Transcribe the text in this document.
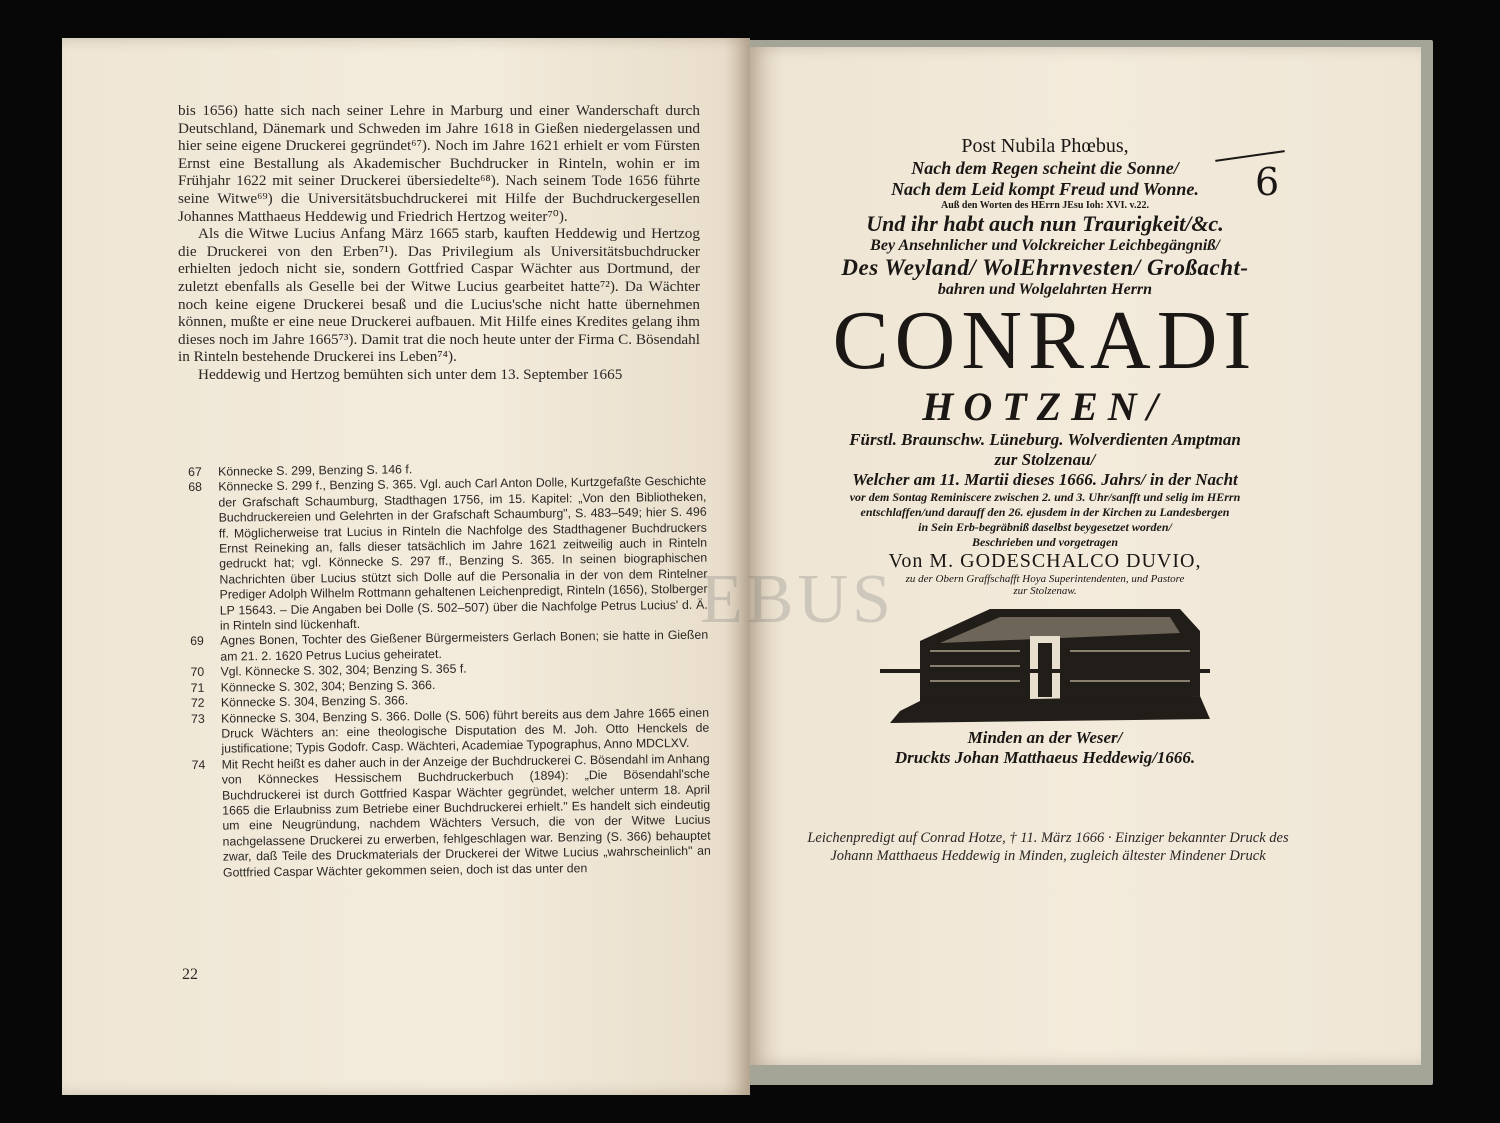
bis 1656) hatte sich nach seiner Lehre in Marburg und einer Wanderschaft durch Deutschland, Dänemark und Schweden im Jahre 1618 in Gießen niedergelassen und hier seine eigene Druckerei gegründet⁶⁷). Noch im Jahre 1621 erhielt er vom Fürsten Ernst eine Bestallung als Akademischer Buchdrucker in Rinteln, wohin er im Frühjahr 1622 mit seiner Druckerei übersiedelte⁶⁸). Nach seinem Tode 1656 führte seine Witwe⁶⁹) die Universitätsbuchdruckerei mit Hilfe der Buchdruckergesellen Johannes Matthaeus Heddewig und Friedrich Hertzog weiter⁷⁰).

Als die Witwe Lucius Anfang März 1665 starb, kauften Heddewig und Hertzog die Druckerei von den Erben⁷¹). Das Privilegium als Universitätsbuchdrucker erhielten jedoch nicht sie, sondern Gottfried Caspar Wächter aus Dortmund, der zuletzt ebenfalls als Geselle bei der Witwe Lucius gearbeitet hatte⁷²). Da Wächter noch keine eigene Druckerei besaß und die Lucius'sche nicht hatte übernehmen können, mußte er eine neue Druckerei aufbauen. Mit Hilfe eines Kredites gelang ihm dieses noch im Jahre 1665⁷³). Damit trat die noch heute unter der Firma C. Bösendahl in Rinteln bestehende Druckerei ins Leben⁷⁴).

Heddewig und Hertzog bemühten sich unter dem 13. September 1665

67 Könnecke S. 299, Benzing S. 146 f.
68 Könnecke S. 299 f., Benzing S. 365. Vgl. auch Carl Anton Dolle, Kurtzgefaßte Geschichte der Grafschaft Schaumburg, Stadthagen 1756, im 15. Kapitel: „Von den Bibliotheken, Buchdruckereien und Gelehrten in der Grafschaft Schaumburg", S. 483–549; hier S. 496 ff. Möglicherweise trat Lucius in Rinteln die Nachfolge des Stadthagener Buchdruckers Ernst Reineking an, falls dieser tatsächlich im Jahre 1621 zeitweilig auch in Rinteln gedruckt hat; vgl. Könnecke S. 297 ff., Benzing S. 365. In seinen biographischen Nachrichten über Lucius stützt sich Dolle auf die Personalia in der von dem Rintelner Prediger Adolph Wilhelm Rottmann gehaltenen Leichenpredigt, Rinteln (1656), Stolberger LP 15643. – Die Angaben bei Dolle (S. 502–507) über die Nachfolge Petrus Lucius' d. Ä. in Rinteln sind lückenhaft.
69 Agnes Bonen, Tochter des Gießener Bürgermeisters Gerlach Bonen; sie hatte in Gießen am 21. 2. 1620 Petrus Lucius geheiratet.
70 Vgl. Könnecke S. 302, 304; Benzing S. 365 f.
71 Könnecke S. 302, 304; Benzing S. 366.
72 Könnecke S. 304, Benzing S. 366.
73 Könnecke S. 304, Benzing S. 366. Dolle (S. 506) führt bereits aus dem Jahre 1665 einen Druck Wächters an: eine theologische Disputation des M. Joh. Otto Henckels de justificatione; Typis Godofr. Casp. Wächteri, Academiae Typographus, Anno MDCLXV.
74 Mit Recht heißt es daher auch in der Anzeige der Buchdruckerei C. Bösendahl im Anhang von Könneckes Hessischem Buchdruckerbuch (1894): „Die Bösendahl'sche Buchdruckerei ist durch Gottfried Kaspar Wächter gegründet, welcher unterm 18. April 1665 die Erlaubniss zum Betriebe einer Buchdruckerei erhielt." Es handelt sich eindeutig um eine Neugründung, nachdem Wächters Versuch, die von der Witwe Lucius nachgelassene Druckerei zu erwerben, fehlgeschlagen war. Benzing (S. 366) behauptet zwar, daß Teile des Druckmaterials der Druckerei der Witwe Lucius „wahrscheinlich" an Gottfried Caspar Wächter gekommen seien, doch ist das unter den
22
6
Post Nubila Phœbus,
Nach dem Regen scheint die Sonne/
Nach dem Leid kompt Freud und Wonne.
Auß den Worten des HErrn JEsu Ioh: XVI. v.22.
Und ihr habt auch nun Traurigkeit/&c.
Bey Ansehnlicher und Volckreicher Leichbegängniß/
Des Weyland/ WolEhrnvesten/ Großacht-
bahren und Wolgelahrten Herrn
CONRADI
HOTZEN/
Fürstl. Braunschw. Lüneburg. Wolverdienten Amptman
zur Stolzenau/
Welcher am 11. Martii dieses 1666. Jahrs/ in der Nacht
vor dem Sontag Reminiscere zwischen 2. und 3. Uhr/sanfft und selig im HErrn
entschlaffen/und darauff den 26. ejusdem in der Kirchen zu Landesbergen
in Sein Erb-begräbniß daselbst beygesetzet worden/
Beschrieben und vorgetragen
Von M. GODESCHALCO DUVIO,
zu der Obern Graffschafft Hoya Superintendenten, und Pastore
zur Stolzenaw.
Minden an der Weser/
Druckts Johan Matthaeus Heddewig/1666.
Leichenpredigt auf Conrad Hotze, † 11. März 1666 · Einziger bekannter Druck des Johann Matthaeus Heddewig in Minden, zugleich ältester Mindener Druck
EBUS
